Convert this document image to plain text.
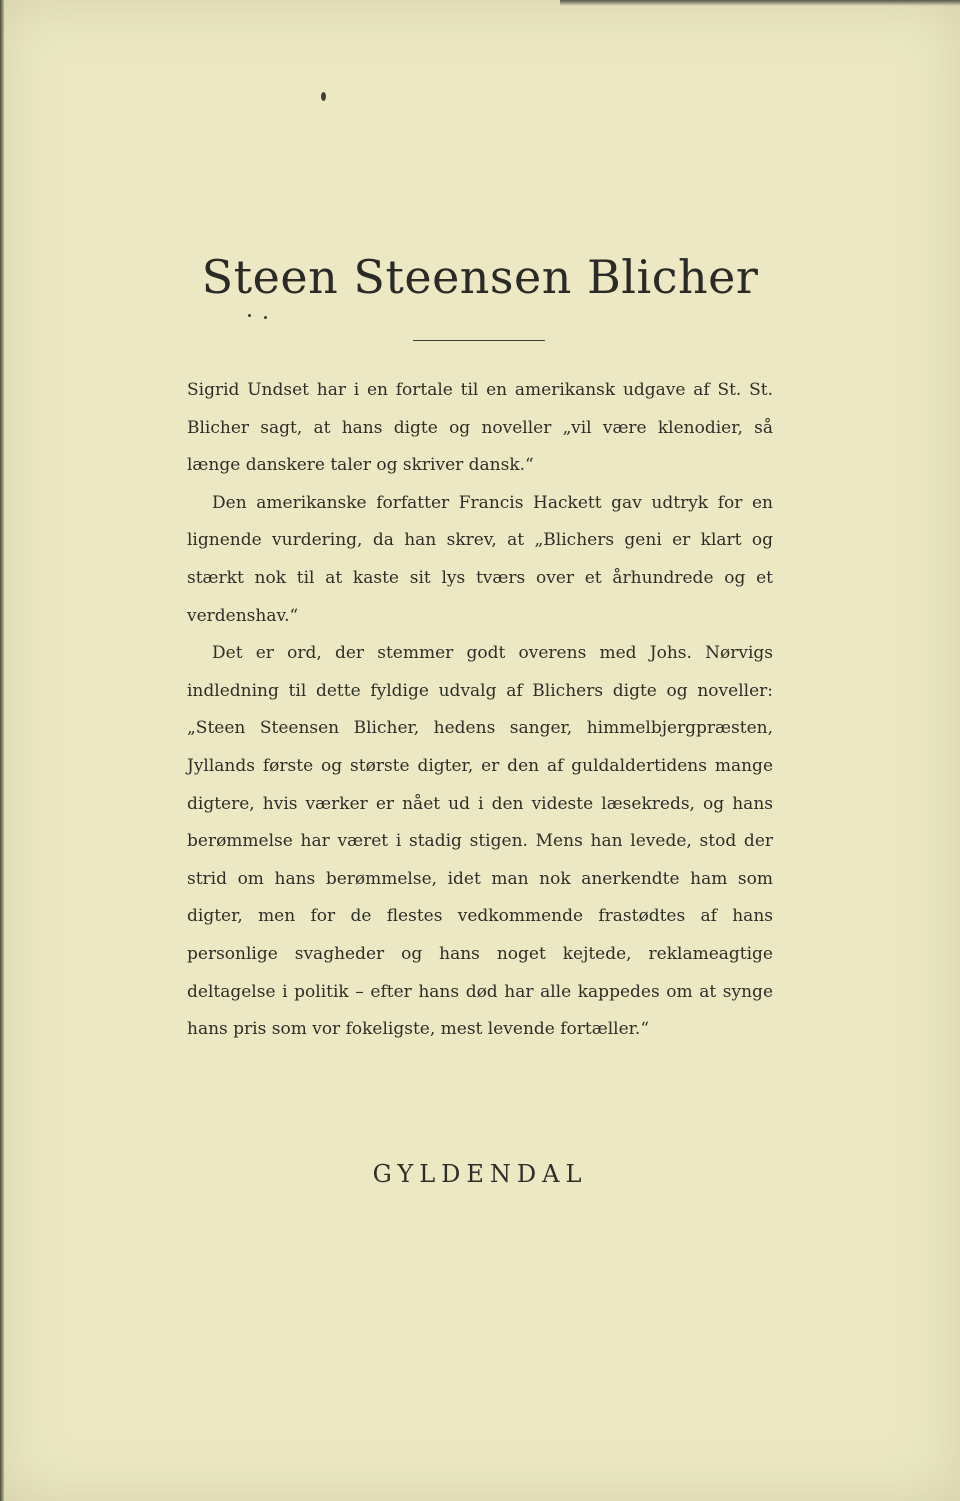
Steen Steensen Blicher

Sigrid Undset har i en fortale til en amerikansk udgave af St. St. Blicher sagt, at hans digte og noveller „vil være klenodier, så længe danskere taler og skriver dansk.“

Den amerikanske forfatter Francis Hackett gav udtryk for en lignende vurdering, da han skrev, at „Blichers geni er klart og stærkt nok til at kaste sit lys tværs over et århundrede og et verdenshav.“

Det er ord, der stemmer godt overens med Johs. Nørvigs indledning til dette fyldige udvalg af Blichers digte og noveller: „Steen Steensen Blicher, hedens sanger, himmelbjergpræsten, Jyllands første og største digter, er den af guldaldertidens mange digtere, hvis værker er nået ud i den videste læsekreds, og hans berømmelse har været i stadig stigen. Mens han levede, stod der strid om hans berømmelse, idet man nok anerkendte ham som digter, men for de flestes vedkommende frastødtes af hans personlige svagheder og hans noget kejtede, reklameagtige deltagelse i politik – efter hans død har alle kappedes om at synge hans pris som vor fokeligste, mest levende fortæller.“

GYLDENDAL
